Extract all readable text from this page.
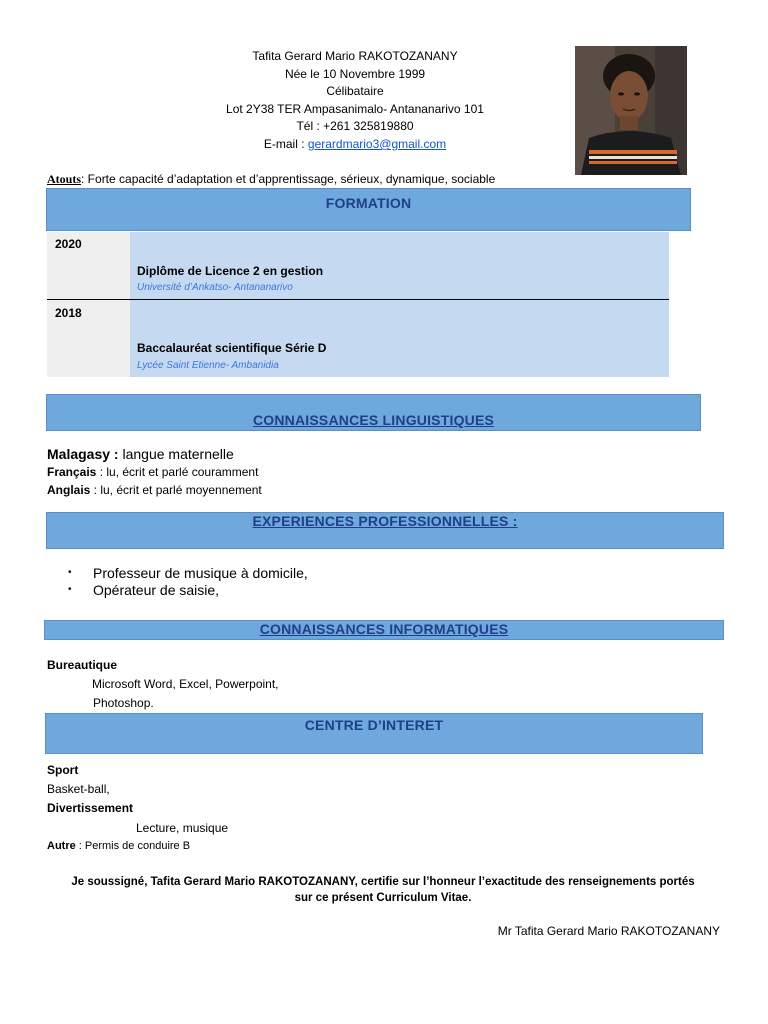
Tafita Gerard Mario RAKOTOZANANY
Née le 10 Novembre 1999
Célibataire
Lot 2Y38 TER Ampasanimalo- Antananarivo 101
Tél : +261 325819880
E-mail : gerardmario3@gmail.com
Atouts: Forte capacité d’adaptation et d’apprentissage, sérieux, dynamique, sociable
FORMATION
2020
Diplôme de Licence 2 en gestion
Université d’Ankatso- Antananarivo
2018
Baccalauréat scientifique Série D
Lycée Saint Etienne- Ambanidia
CONNAISSANCES LINGUISTIQUES
Malagasy : langue maternelle
Français : lu, écrit et parlé couramment
Anglais : lu, écrit et parlé moyennement
EXPERIENCES PROFESSIONNELLES :
• Professeur de musique à domicile,
• Opérateur de saisie,
CONNAISSANCES INFORMATIQUES
Bureautique
Microsoft Word, Excel, Powerpoint,
Photoshop.
CENTRE D’INTERET
Sport
Basket-ball,
Divertissement
Lecture, musique
Autre : Permis de conduire B
Je soussigné, Tafita Gerard Mario RAKOTOZANANY, certifie sur l’honneur l’exactitude des renseignements portés
sur ce présent Curriculum Vitae.
Mr Tafita Gerard Mario RAKOTOZANANY
